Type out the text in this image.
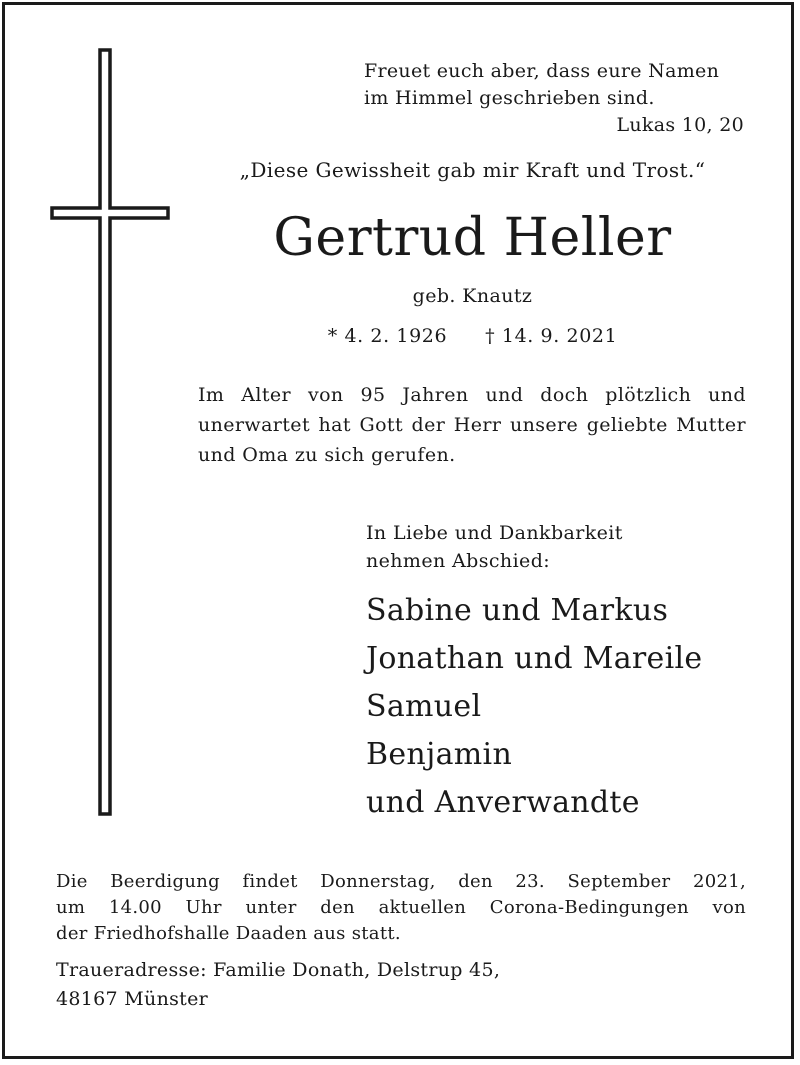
Freuet euch aber, dass eure Namen
im Himmel geschrieben sind.
Lukas 10, 20
„Diese Gewissheit gab mir Kraft und Trost.“
Gertrud Heller
geb. Knautz
* 4. 2. 1926 † 14. 9. 2021

Im Alter von 95 Jahren und doch plötzlich und unerwartet hat Gott der Herr unsere geliebte Mutter und Oma zu sich gerufen.

In Liebe und Dankbarkeit
nehmen Abschied:
Sabine und Markus
Jonathan und Mareile
Samuel
Benjamin
und Anverwandte
Die Beerdigung findet Donnerstag, den 23. September 2021,
um 14.00 Uhr unter den aktuellen Corona-Bedingungen von
der Friedhofshalle Daaden aus statt.
Traueradresse: Familie Donath, Delstrup 45,
48167 Münster
